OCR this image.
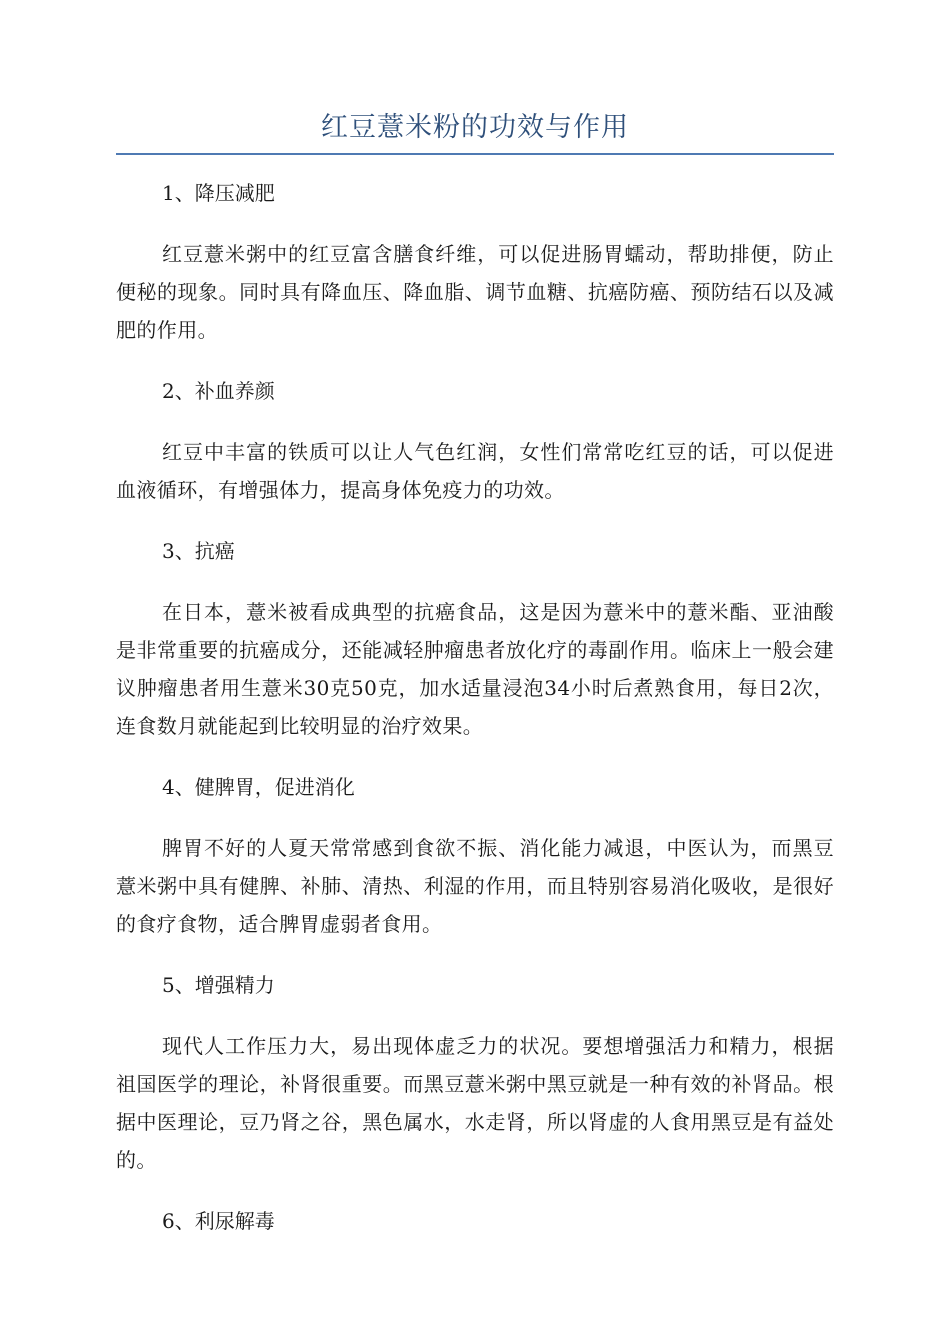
红豆薏米粉的功效与作用

1、降压减肥

红豆薏米粥中的红豆富含膳食纤维，可以促进肠胃蠕动，帮助排便，防止便秘的现象。同时具有降血压、降血脂、调节血糖、抗癌防癌、预防结石以及减肥的作用。

2、补血养颜

红豆中丰富的铁质可以让人气色红润，女性们常常吃红豆的话，可以促进血液循环，有增强体力，提高身体免疫力的功效。

3、抗癌

在日本，薏米被看成典型的抗癌食品，这是因为薏米中的薏米酯、亚油酸是非常重要的抗癌成分，还能减轻肿瘤患者放化疗的毒副作用。临床上一般会建议肿瘤患者用生薏米30克50克，加水适量浸泡34小时后煮熟食用，每日2次，连食数月就能起到比较明显的治疗效果。

4、健脾胃，促进消化

脾胃不好的人夏天常常感到食欲不振、消化能力减退，中医认为，而黑豆薏米粥中具有健脾、补肺、清热、利湿的作用，而且特别容易消化吸收，是很好的食疗食物，适合脾胃虚弱者食用。

5、增强精力

现代人工作压力大，易出现体虚乏力的状况。要想增强活力和精力，根据祖国医学的理论，补肾很重要。而黑豆薏米粥中黑豆就是一种有效的补肾品。根据中医理论，豆乃肾之谷，黑色属水，水走肾，所以肾虚的人食用黑豆是有益处的。

6、利尿解毒
